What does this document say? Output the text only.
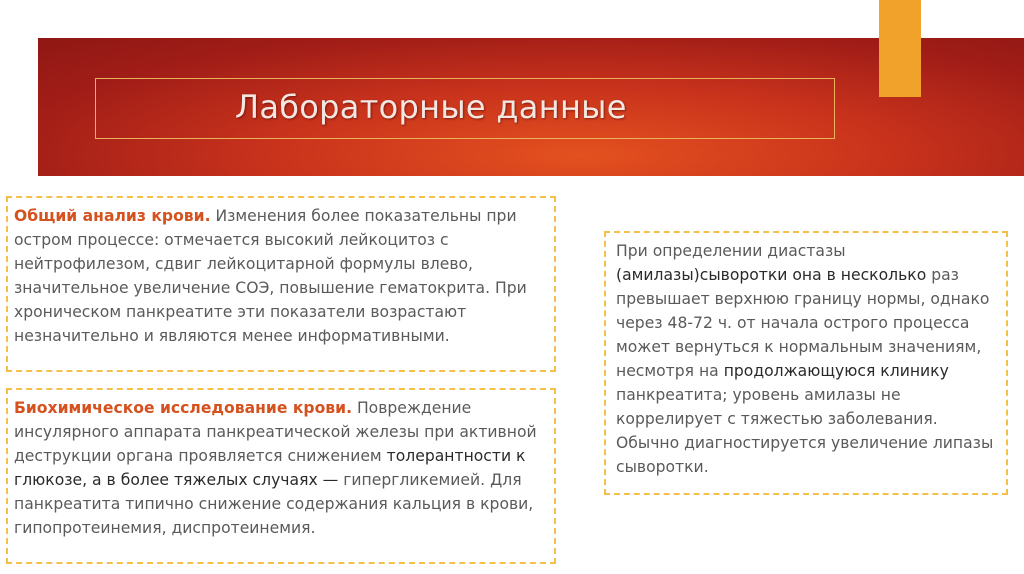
Лабораторные данные
Общий анализ крови. Изменения более показательны при остром процессе: отмечается высокий лейкоцитоз с нейтрофилезом, сдвиг лейкоцитарной формулы влево, значительное увеличение СОЭ, повышение гематокрита. При хроническом панкреатите эти показатели возрастают незначительно и являются менее информативными.
Биохимическое исследование крови. Повреждение инсулярного аппарата панкреатической железы при активной деструкции органа проявляется снижением толерантности к глюкозе, а в более тяжелых случаях — гипергликемией. Для панкреатита типично снижение содержания кальция в крови, гипопротеинемия, диспротеинемия.
При определении диастазы (амилазы)сыворотки она в несколько раз превышает верхнюю границу нормы, однако через 48-72 ч. от начала острого процесса может вернуться к нормальным значениям, несмотря на продолжающуюся клинику панкреатита; уровень амилазы не коррелирует с тяжестью заболевания. Обычно диагностируется увеличение липазы сыворотки.
